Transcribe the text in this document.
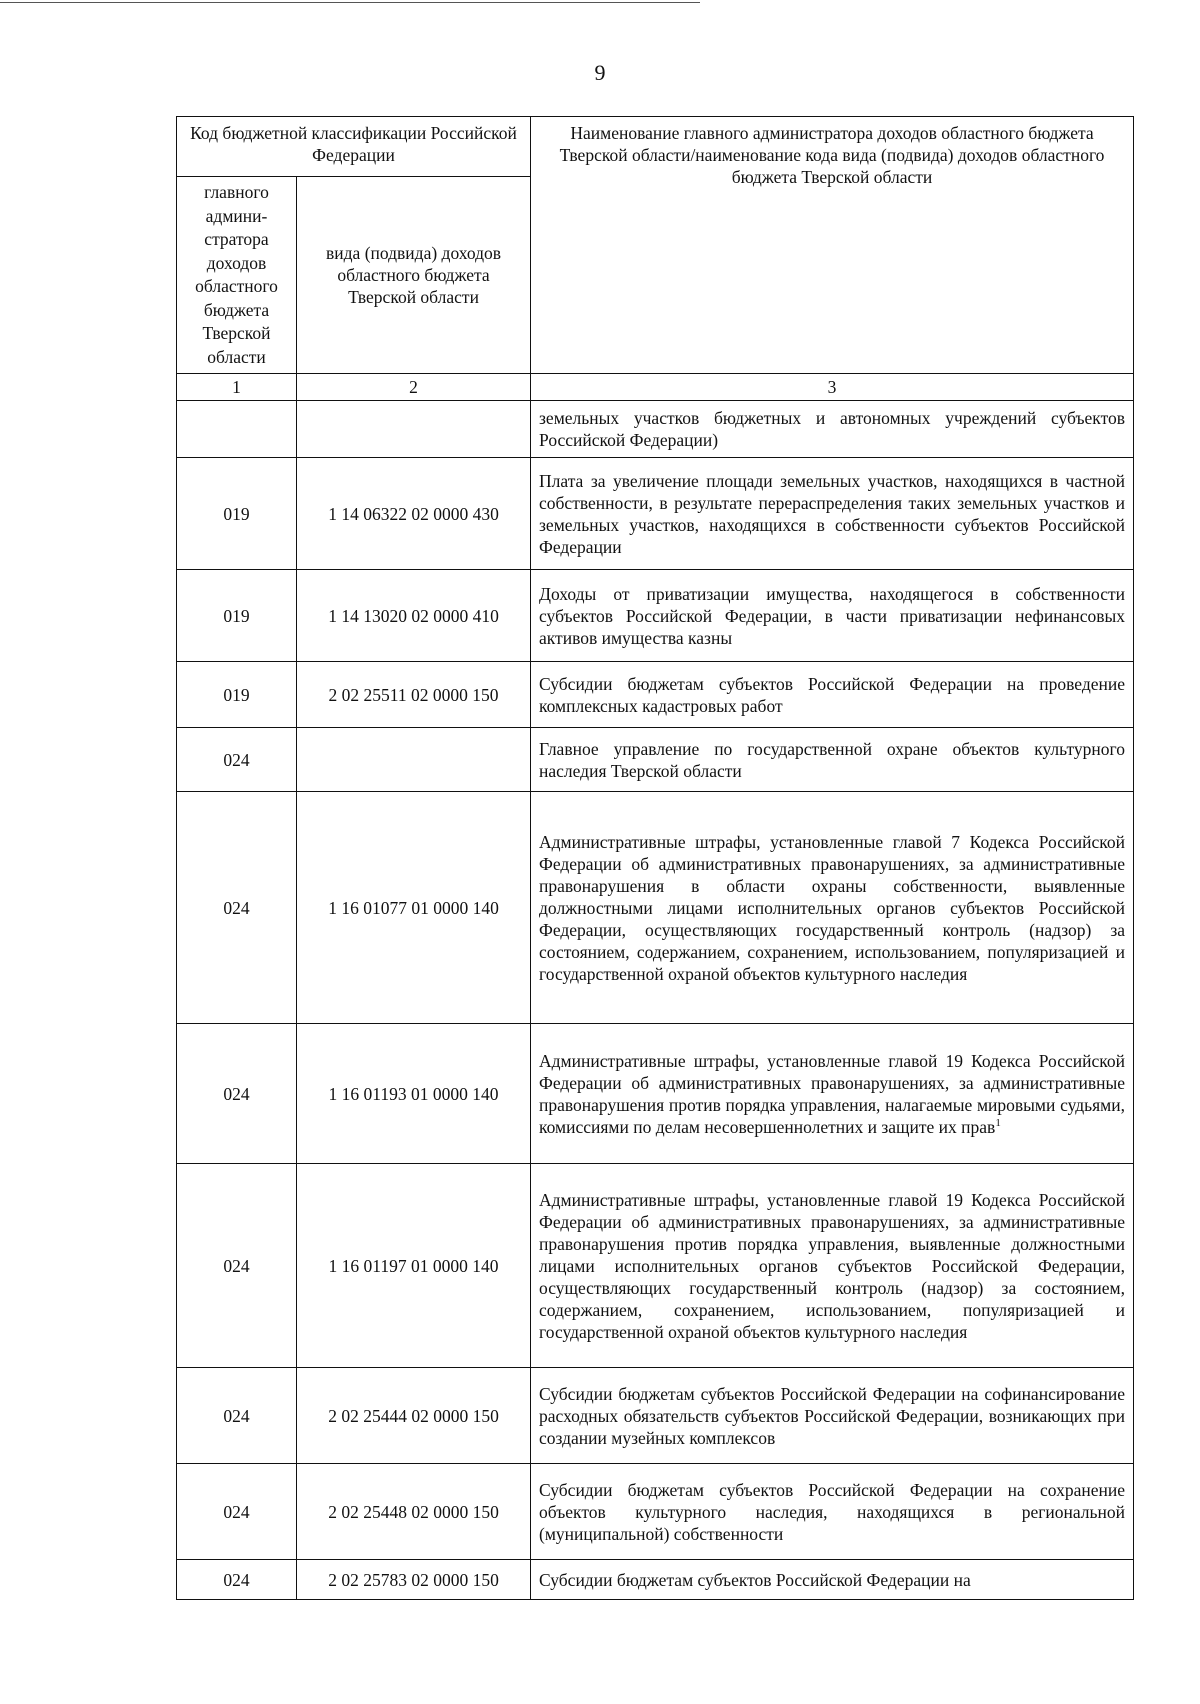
9
Код бюджетной классификации Российской Федерации		Наименование главного администратора доходов областного бюджета Тверской области/наименование кода вида (подвида) доходов областного бюджета Тверской области
главного админи-стратора доходов областного бюджета Тверской области	вида (подвида) доходов областного бюджета Тверской области	
1	2	3
		земельных участков бюджетных и автономных учреждений субъектов Российской Федерации)
019	1 14 06322 02 0000 430	Плата за увеличение площади земельных участков, находящихся в частной собственности, в результате перераспределения таких земельных участков и земельных участков, находящихся в собственности субъектов Российской Федерации
019	1 14 13020 02 0000 410	Доходы от приватизации имущества, находящегося в собственности субъектов Российской Федерации, в части приватизации нефинансовых активов имущества казны
019	2 02 25511 02 0000 150	Субсидии бюджетам субъектов Российской Федерации на проведение комплексных кадастровых работ
024		Главное управление по государственной охране объектов культурного наследия Тверской области
024	1 16 01077 01 0000 140	Административные штрафы, установленные главой 7 Кодекса Российской Федерации об административных правонарушениях, за административные правонарушения в области охраны собственности, выявленные должностными лицами исполнительных органов субъектов Российской Федерации, осуществляющих государственный контроль (надзор) за состоянием, содержанием, сохранением, использованием, популяризацией и государственной охраной объектов культурного наследия
024	1 16 01193 01 0000 140	Административные штрафы, установленные главой 19 Кодекса Российской Федерации об административных правонарушениях, за административные правонарушения против порядка управления, налагаемые мировыми судьями, комиссиями по делам несовершеннолетних и защите их прав$^1$
024	1 16 01197 01 0000 140	Административные штрафы, установленные главой 19 Кодекса Российской Федерации об административных правонарушениях, за административные правонарушения против порядка управления, выявленные должностными лицами исполнительных органов субъектов Российской Федерации, осуществляющих государственный контроль (надзор) за состоянием, содержанием, сохранением, использованием, популяризацией и государственной охраной объектов культурного наследия
024	2 02 25444 02 0000 150	Субсидии бюджетам субъектов Российской Федерации на софинансирование расходных обязательств субъектов Российской Федерации, возникающих при создании музейных комплексов
024	2 02 25448 02 0000 150	Субсидии бюджетам субъектов Российской Федерации на сохранение объектов культурного наследия, находящихся в региональной (муниципальной) собственности
024	2 02 25783 02 0000 150	Субсидии бюджетам субъектов Российской Федерации на
